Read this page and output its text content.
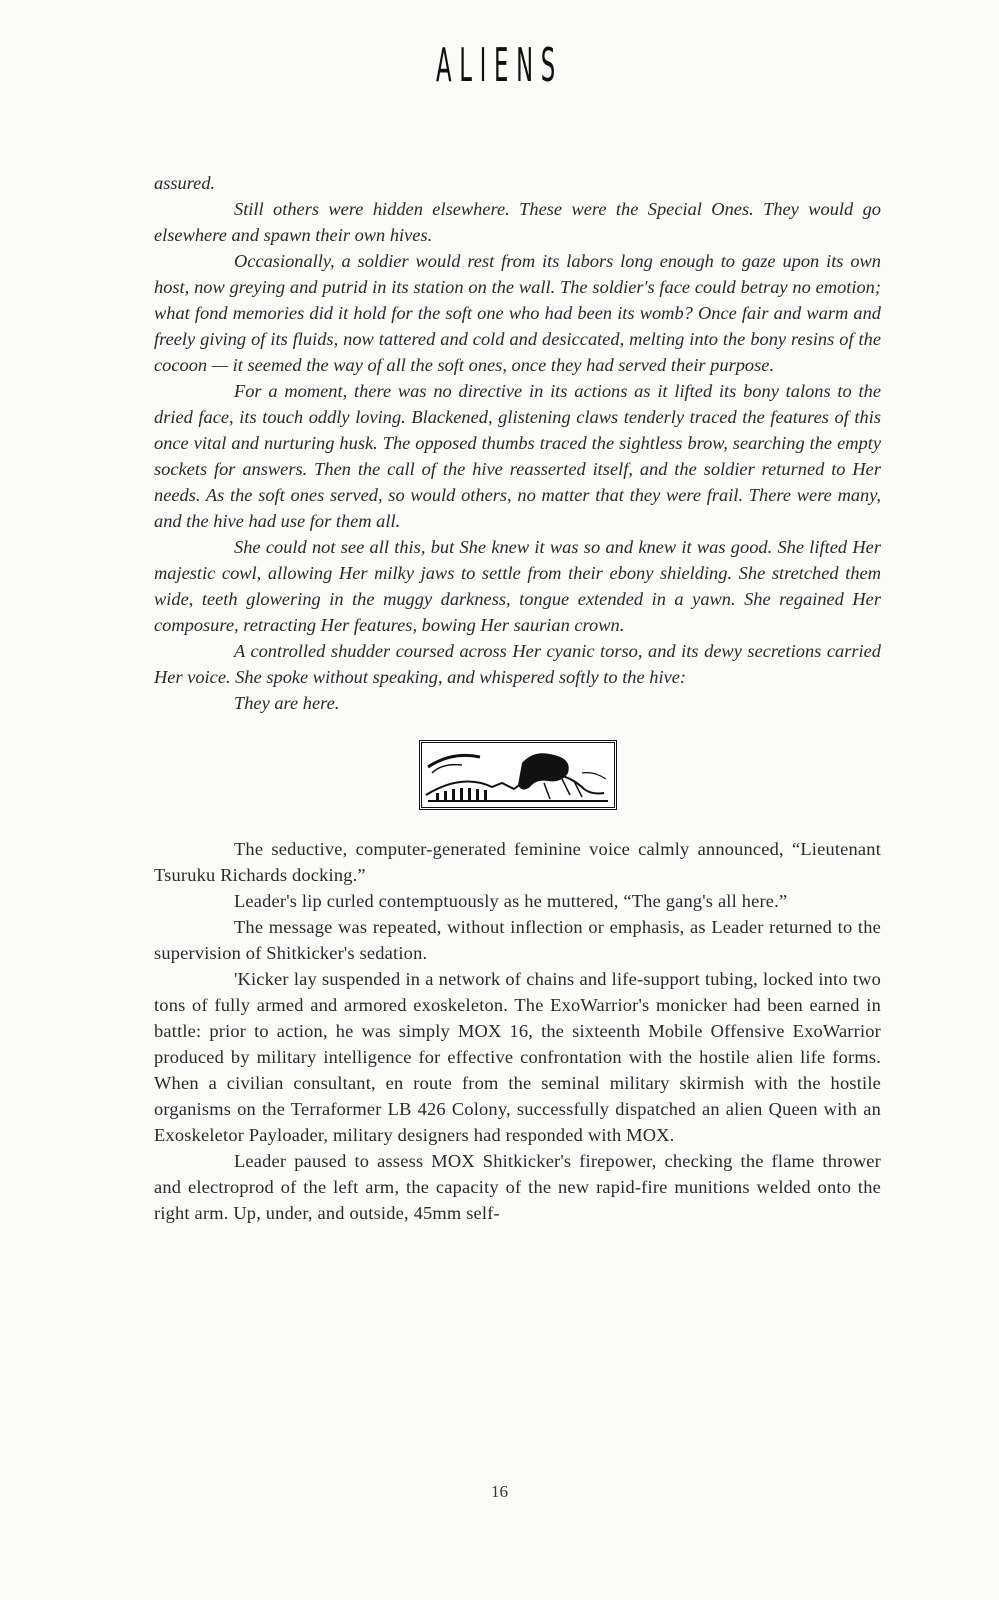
ALIENS

assured.

Still others were hidden elsewhere. These were the Special Ones. They would go elsewhere and spawn their own hives.

Occasionally, a soldier would rest from its labors long enough to gaze upon its own host, now greying and putrid in its station on the wall. The soldier's face could betray no emotion; what fond memories did it hold for the soft one who had been its womb? Once fair and warm and freely giving of its fluids, now tattered and cold and desiccated, melting into the bony resins of the cocoon — it seemed the way of all the soft ones, once they had served their purpose.

For a moment, there was no directive in its actions as it lifted its bony talons to the dried face, its touch oddly loving. Blackened, glistening claws tenderly traced the features of this once vital and nurturing husk. The opposed thumbs traced the sightless brow, searching the empty sockets for answers. Then the call of the hive reasserted itself, and the soldier returned to Her needs. As the soft ones served, so would others, no matter that they were frail. There were many, and the hive had use for them all.

She could not see all this, but She knew it was so and knew it was good. She lifted Her majestic cowl, allowing Her milky jaws to settle from their ebony shielding. She stretched them wide, teeth glowering in the muggy darkness, tongue extended in a yawn. She regained Her composure, retracting Her features, bowing Her saurian crown.

A controlled shudder coursed across Her cyanic torso, and its dewy secretions carried Her voice. She spoke without speaking, and whispered softly to the hive:

They are here.

The seductive, computer-generated feminine voice calmly announced, “Lieutenant Tsuruku Richards docking.”

Leader's lip curled contemptuously as he muttered, “The gang's all here.”

The message was repeated, without inflection or emphasis, as Leader returned to the supervision of Shitkicker's sedation.

'Kicker lay suspended in a network of chains and life-support tubing, locked into two tons of fully armed and armored exoskeleton. The ExoWarrior's monicker had been earned in battle: prior to action, he was simply MOX 16, the sixteenth Mobile Offensive ExoWarrior produced by military intelligence for effective confrontation with the hostile alien life forms. When a civilian consultant, en route from the seminal military skirmish with the hostile organisms on the Terraformer LB 426 Colony, successfully dispatched an alien Queen with an Exoskeletor Payloader, military designers had responded with MOX.

Leader paused to assess MOX Shitkicker's firepower, checking the flame thrower and electroprod of the left arm, the capacity of the new rapid-fire munitions welded onto the right arm. Up, under, and outside, 45mm self-

16
